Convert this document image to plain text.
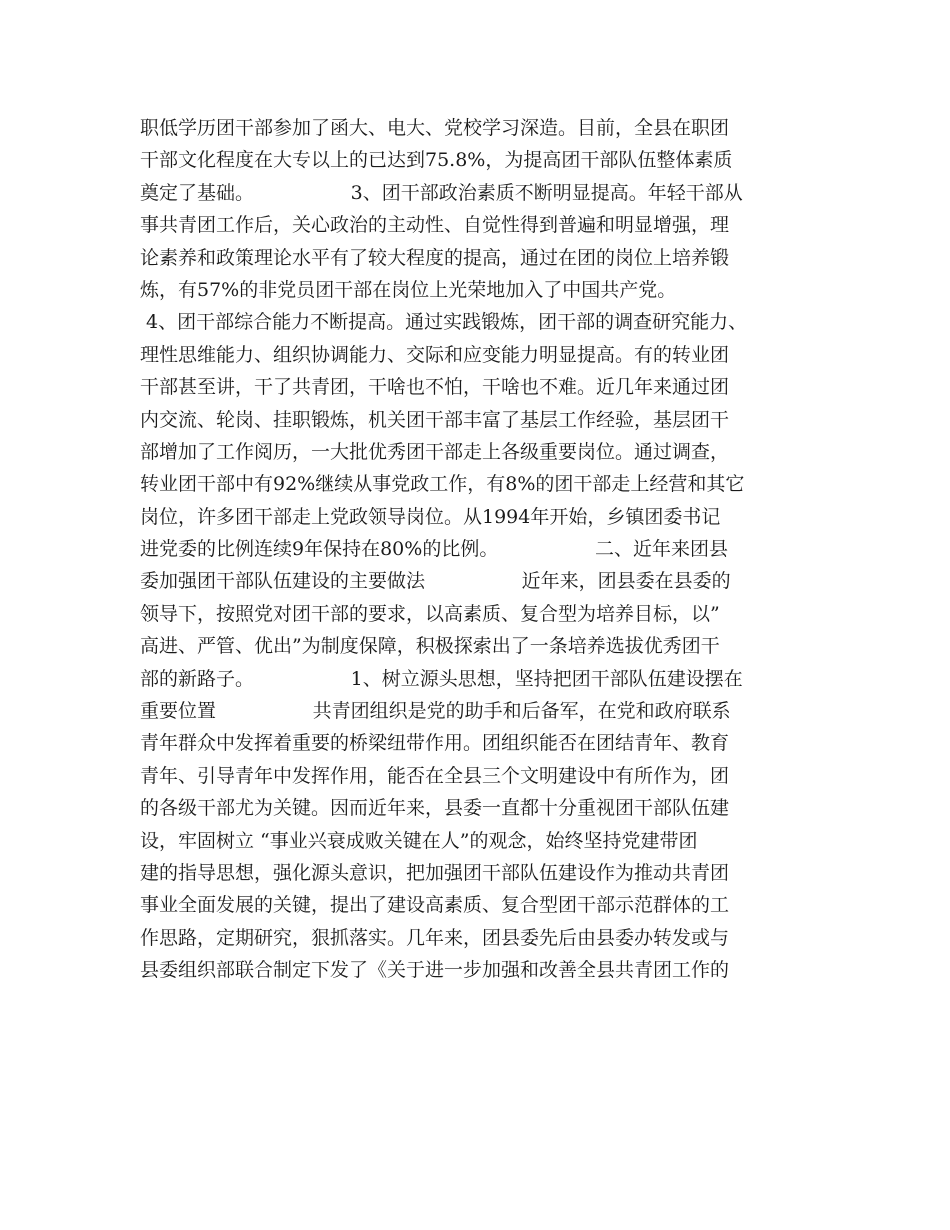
职低学历团干部参加了函大、电大、党校学习深造。目前，全县在职团
干部文化程度在大专以上的已达到75.8%，为提高团干部队伍整体素质
奠定了基础。                3、团干部政治素质不断明显提高。年轻干部从
事共青团工作后，关心政治的主动性、自觉性得到普遍和明显增强，理
论素养和政策理论水平有了较大程度的提高，通过在团的岗位上培养锻
炼，有57%的非党员团干部在岗位上光荣地加入了中国共产党。
4、团干部综合能力不断提高。通过实践锻炼，团干部的调查研究能力、
理性思维能力、组织协调能力、交际和应变能力明显提高。有的转业团
干部甚至讲，干了共青团，干啥也不怕，干啥也不难。近几年来通过团
内交流、轮岗、挂职锻炼，机关团干部丰富了基层工作经验，基层团干
部增加了工作阅历，一大批优秀团干部走上各级重要岗位。通过调查，
转业团干部中有92%继续从事党政工作，有8%的团干部走上经营和其它
岗位，许多团干部走上党政领导岗位。从1994年开始，乡镇团委书记
进党委的比例连续9年保持在80%的比例。                二、近年来团县
委加强团干部队伍建设的主要做法                近年来，团县委在县委的
领导下，按照党对团干部的要求，以高素质、复合型为培养目标，以”
高进、严管、优出”为制度保障，积极探索出了一条培养选拔优秀团干
部的新路子。                1、树立源头思想，坚持把团干部队伍建设摆在
重要位置                共青团组织是党的助手和后备军，在党和政府联系
青年群众中发挥着重要的桥梁纽带作用。团组织能否在团结青年、教育
青年、引导青年中发挥作用，能否在全县三个文明建设中有所作为，团
的各级干部尤为关键。因而近年来，县委一直都十分重视团干部队伍建
设，牢固树立 “事业兴衰成败关键在人”的观念，始终坚持党建带团
建的指导思想，强化源头意识，把加强团干部队伍建设作为推动共青团
事业全面发展的关键，提出了建设高素质、复合型团干部示范群体的工
作思路，定期研究，狠抓落实。几年来，团县委先后由县委办转发或与
县委组织部联合制定下发了《关于进一步加强和改善全县共青团工作的
